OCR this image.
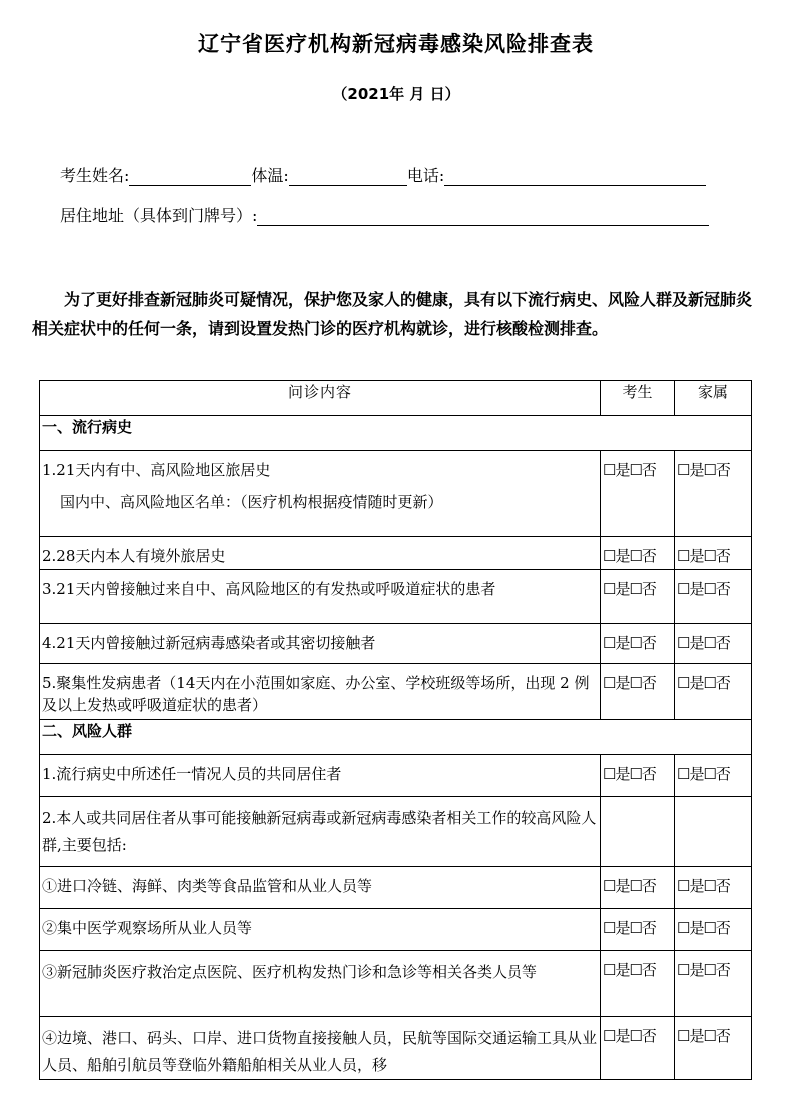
辽宁省医疗机构新冠病毒感染风险排查表
（2021年 月 日）
考生姓名:	体温:	电话:
居住地址（具体到门牌号）:
为了更好排查新冠肺炎可疑情况，保护您及家人的健康，具有以下流行病史、风险人群及新冠肺炎相关症状中的任何一条，请到设置发热门诊的医疗机构就诊，进行核酸检测排查。
问诊内容	考生	家属
一、流行病史		
1.21天内有中、高风险地区旅居史
国内中、高风险地区名单：（医疗机构根据疫情随时更新）	☐是☐否	☐是☐否
2.28天内本人有境外旅居史	☐是☐否	☐是☐否
3.21天内曾接触过来自中、高风险地区的有发热或呼吸道症状的患者	☐是☐否	☐是☐否
4.21天内曾接触过新冠病毒感染者或其密切接触者	☐是☐否	☐是☐否
5.聚集性发病患者（14天内在小范围如家庭、办公室、学校班级等场所，出现 2 例及以上发热或呼吸道症状的患者）	☐是☐否	☐是☐否
二、风险人群		
1.流行病史中所述任一情况人员的共同居住者	☐是☐否	☐是☐否
2.本人或共同居住者从事可能接触新冠病毒或新冠病毒感染者相关工作的较高风险人群,主要包括:		
①进口冷链、海鲜、肉类等食品监管和从业人员等	☐是☐否	☐是☐否
②集中医学观察场所从业人员等	☐是☐否	☐是☐否
③新冠肺炎医疗救治定点医院、医疗机构发热门诊和急诊等相关各类人员等	☐是☐否	☐是☐否
④边境、港口、码头、口岸、进口货物直接接触人员，民航等国际交通运输工具从业人员、船舶引航员等登临外籍船舶相关从业人员，移	☐是☐否	☐是☐否
